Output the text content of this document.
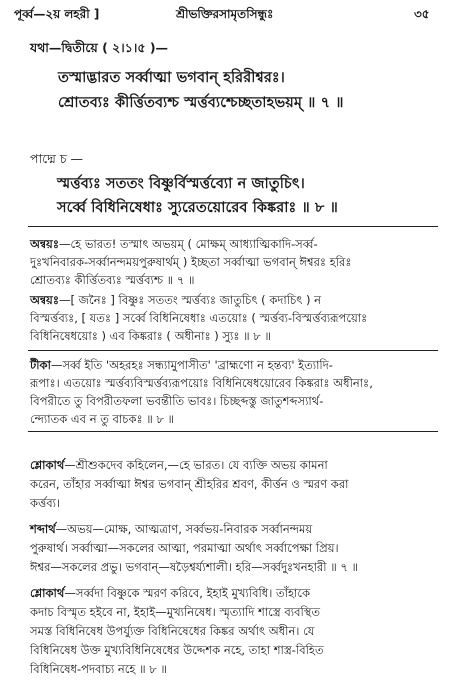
পূর্ব্ব—২য় লহরী ]	শ্রীভক্তিরসামৃতসিন্ধুঃ	৩৫
যথা—দ্বিতীয়ে ( ২।১।৫ )—
তস্মাদ্ভারত সর্ব্বাত্মা ভগবান্ হরিরীশ্বরঃ।
শ্রোতব্যঃ কীর্ত্তিতব্যশ্চ স্মর্ত্তব্যশ্চেচ্ছতাহভয়ম্ ॥ ৭ ॥
পাদ্মে চ —
স্মর্ত্তব্যঃ সততং বিষ্ণুর্বিস্মর্ত্তব্যো ন জাতুচিৎ।
সর্ব্বে বিধিনিষেধাঃ স্যুরেতয়োরেব কিঙ্করাঃ ॥ ৮ ॥
অন্বয়ঃ—হে ভারত! তস্মাৎ অভয়ম্ ( মোক্ষম্ আধ্যাত্মিকাদি-সর্ব্ব-
দুঃখনিবারক-সর্ব্বানন্দময়পুরুষার্থম্ ) ইচ্ছতা সর্ব্বাত্মা ভগবান্ ঈশ্বরঃ হরিঃ
শ্রোতব্যঃ কীর্ত্তিতব্যঃ স্মর্ত্তব্যশ্চ ॥ ৭ ॥
অন্বয়ঃ—[ জনৈঃ ] বিষ্ণুঃ সততং স্মর্ত্তব্যঃ জাতুচিৎ ( কদাচিৎ ) ন
বিস্মর্ত্তব্যঃ, [ যতঃ ] সর্ব্বে বিধিনিষেধাঃ এতয়োঃ ( স্মর্ত্তব্য-বিস্মর্ত্তব্যরূপয়োঃ
বিধিনিষেধয়োঃ ) এব কিঙ্করাঃ ( অধীনাঃ ) স্যুঃ ॥ ৮ ॥
টীকা—সর্ব্ব ইতি 'অহরহঃ সন্ধ্যামুপাসীত' 'ব্রাহ্মণো ন হন্তব্য' ইত্যাদি-
রূপাঃ। এতয়োঃ স্মর্ত্তব্যবিস্মর্ত্তব্যরূপয়োঃ বিধিনিষেধয়োরেব কিঙ্করাঃ অধীনাঃ,
বিপরীতে তু বিপরীতফলা ভবন্তীতি ভাবঃ। চিচ্ছব্দস্তু জাতুশব্দস্যার্থ-
ন্দ্যোতক এব ন তু বাচকঃ ॥ ৮ ॥
শ্লোকার্থ—শ্রীশুকদেব কহিলেন,—হে ভারত। যে ব্যক্তি অভয় কামনা
করেন, তাঁহার সর্ব্বাত্মা ঈশ্বর ভগবান্ শ্রীহরির শ্রবণ, কীর্ত্তন ও স্মরণ করা
কর্ত্তব্য।
শব্দার্থ—অভয়—মোক্ষ, আত্মত্রাণ, সর্ব্বভয়-নিবারক সর্ব্বানন্দময়
পুরুষার্থ। সর্ব্বাত্মা—সকলের আত্মা, পরমাত্মা অর্থাৎ সর্ব্বাপেক্ষা প্রিয়।
ঈশ্বর—সকলের প্রভু। ভগবান্—ষড়ৈশ্বর্য্যশালী। হরি—সর্ব্বদুঃখনহারী ॥ ৭ ॥
শ্লোকার্থ—সর্ব্বদা বিষ্ণুকে স্মরণ করিবে, ইহাই মুখ্যবিধি। তাঁহাকে
কদাচ বিস্মৃত হইবে না, ইহাই—মুখ্যনিষেধ। স্মৃত্যাদি শাস্ত্রে ব্যবস্থিত
সমস্ত বিধিনিষেধ উপর্য্যুক্ত বিধিনিষেধের কিঙ্কর অর্থাৎ অধীন। যে
বিধিনিষেধ উক্ত মুখ্যবিধিনিষেধের উদ্দেশক নহে, তাহা শাস্ত্র-বিহিত
বিধিনিষেধ-পদবাচ্য নহে ॥ ৮ ॥
